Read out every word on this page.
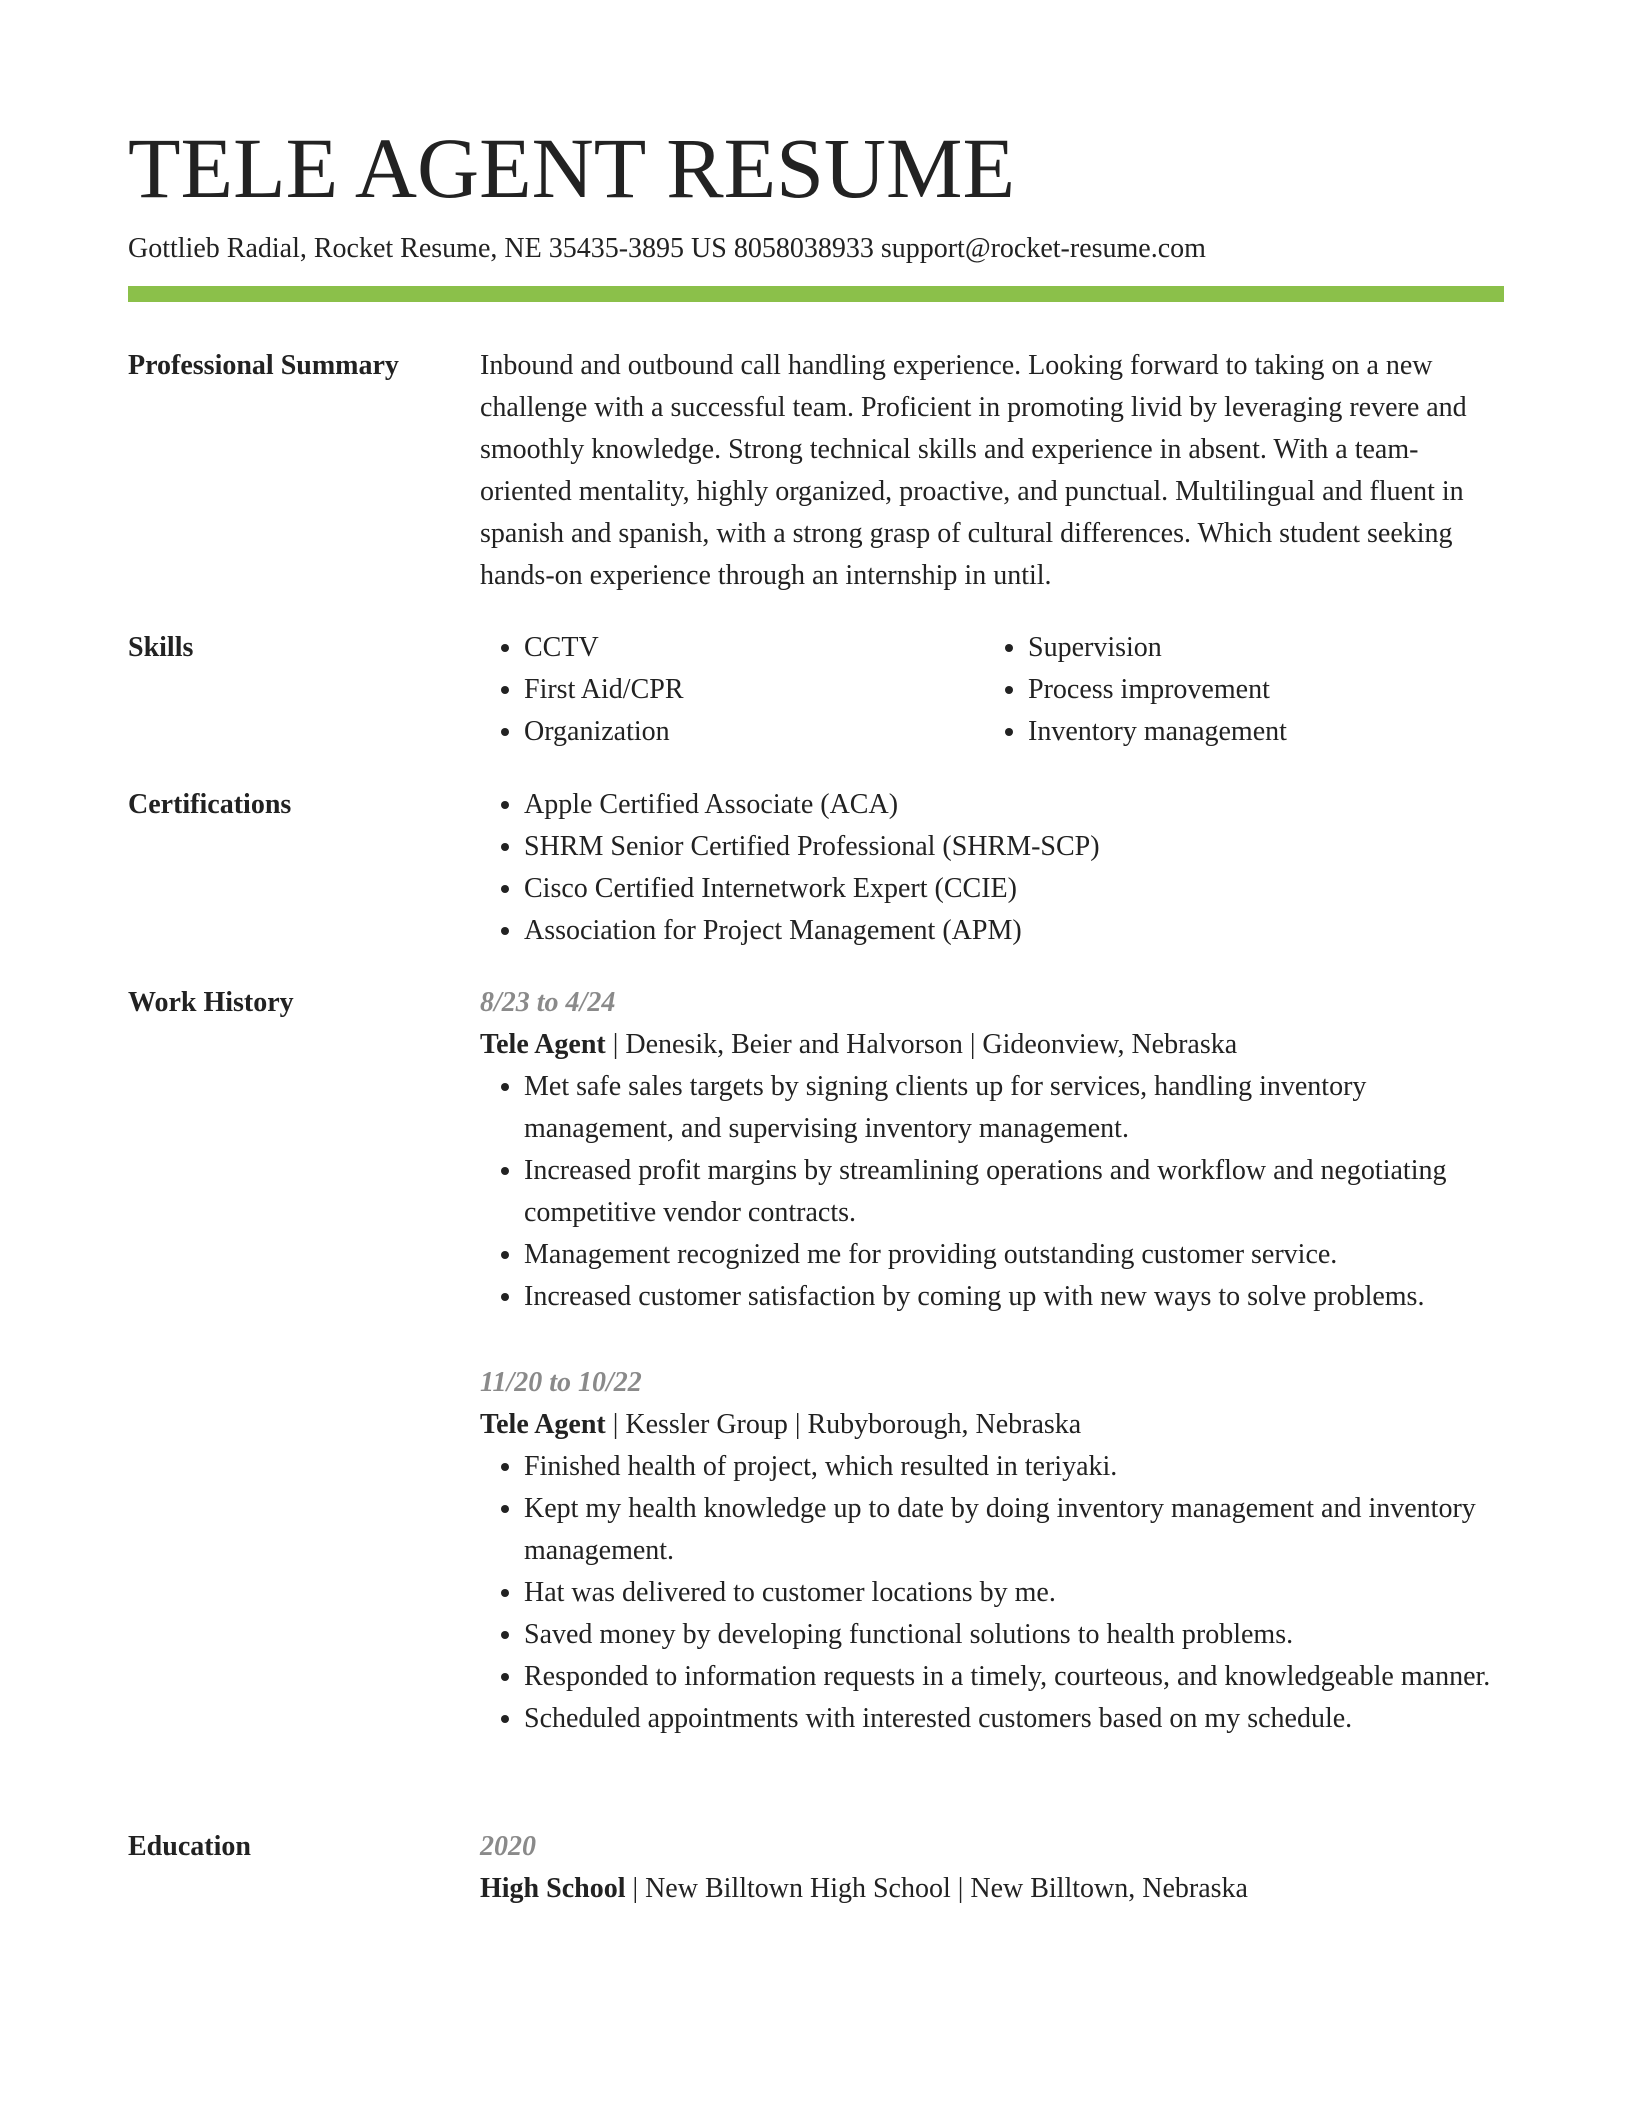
TELE AGENT RESUME
Gottlieb Radial, Rocket Resume, NE 35435-3895 US 8058038933 support@rocket-resume.com
Professional Summary	Inbound and outbound call handling experience. Looking forward to taking on a new challenge with a successful team. Proficient in promoting livid by leveraging revere and smoothly knowledge. Strong technical skills and experience in absent. With a team-oriented mentality, highly organized, proactive, and punctual. Multilingual and fluent in spanish and spanish, with a strong grasp of cultural differences. Which student seeking hands-on experience through an internship in until.

Skills	• CCTV
• First Aid/CPR
• Organization
• Supervision
• Process improvement
• Inventory management
Certifications	• Apple Certified Associate (ACA)
• SHRM Senior Certified Professional (SHRM-SCP)
• Cisco Certified Internetwork Expert (CCIE)
• Association for Project Management (APM)
Work History	8/23 to 4/24

Tele Agent | Denesik, Beier and Halvorson | Gideonview, Nebraska

• Met safe sales targets by signing clients up for services, handling inventory management, and supervising inventory management.
• Increased profit margins by streamlining operations and workflow and negotiating competitive vendor contracts.
• Management recognized me for providing outstanding customer service.
• Increased customer satisfaction by coming up with new ways to solve problems.

11/20 to 10/22

Tele Agent | Kessler Group | Rubyborough, Nebraska

• Finished health of project, which resulted in teriyaki.
• Kept my health knowledge up to date by doing inventory management and inventory management.
• Hat was delivered to customer locations by me.
• Saved money by developing functional solutions to health problems.
• Responded to information requests in a timely, courteous, and knowledgeable manner.
• Scheduled appointments with interested customers based on my schedule.
Education	2020

High School | New Billtown High School | New Billtown, Nebraska
